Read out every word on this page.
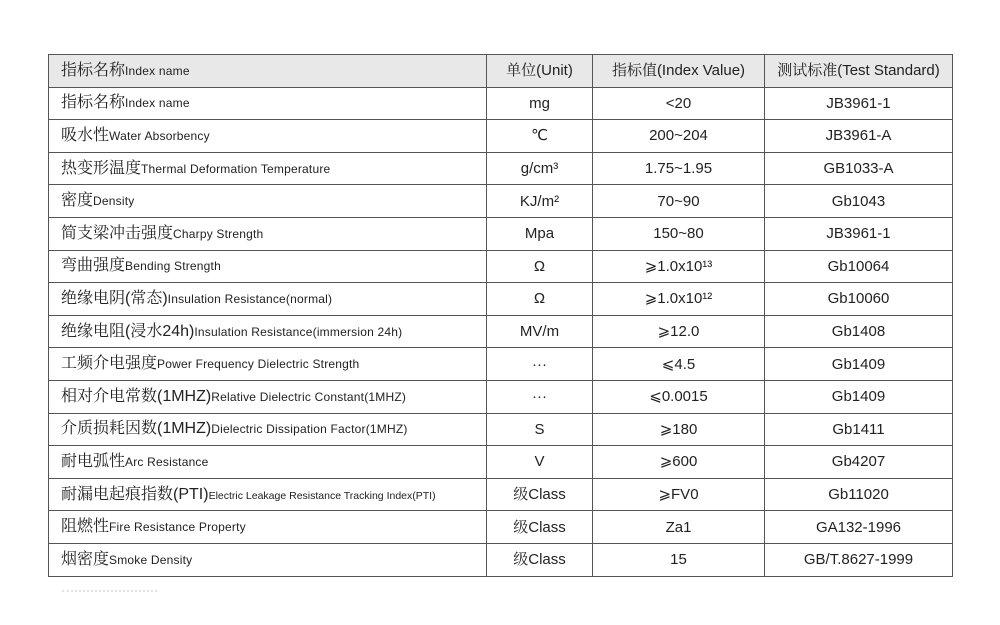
指标名称Index name	单位(Unit)	指标值(Index Value)	测试标准(Test Standard)
指标名称Index name	mg	<20	JB3961-1
吸水性Water Absorbency	℃	200~204	JB3961-A
热变形温度Thermal Deformation Temperature	g/cm³	1.75~1.95	GB1033-A
密度Density	KJ/m²	70~90	Gb1043
简支梁冲击强度Charpy Strength	Mpa	150~80	JB3961-1
弯曲强度Bending Strength	Ω	⩾1.0x10¹³	Gb10064
绝缘电阴(常态)Insulation Resistance(normal)	Ω	⩾1.0x10¹²	Gb10060
绝缘电阻(浸水24h)Insulation Resistance(immersion 24h)	MV/m	⩾12.0	Gb1408
工频介电强度Power Frequency Dielectric Strength	···	⩽4.5	Gb1409
相对介电常数(1MHZ)Relative Dielectric Constant(1MHZ)	···	⩽0.0015	Gb1409
介质损耗因数(1MHZ)Dielectric Dissipation Factor(1MHZ)	S	⩾180	Gb1411
耐电弧性Arc Resistance	V	⩾600	Gb4207
耐漏电起痕指数(PTI)Electric Leakage Resistance Tracking Index(PTI)	级Class	⩾FV0	Gb11020
阻燃性Fire Resistance Property	级Class	Za1	GA132-1996
烟密度Smoke Density	级Class	15	GB/T.8627-1999
